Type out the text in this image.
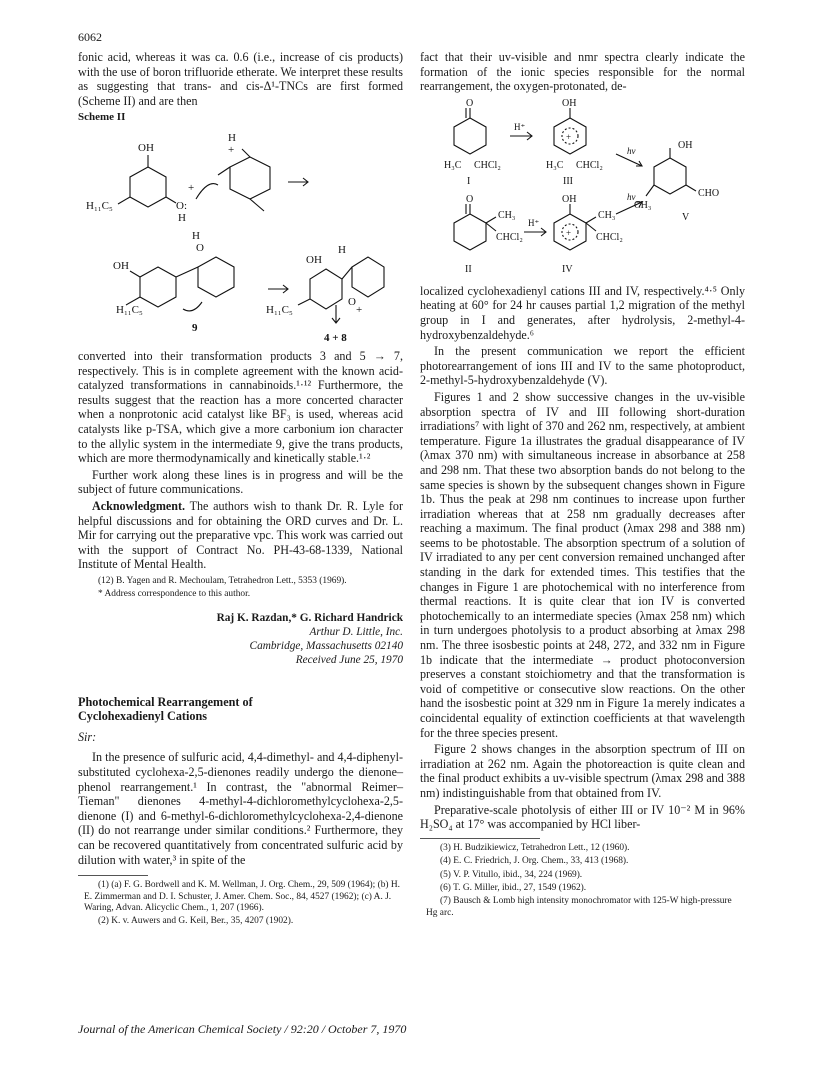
6062

fonic acid, whereas it was ca. 0.6 (i.e., increase of cis products) with the use of boron trifluoride etherate. We interpret these results as suggesting that trans- and cis-Δ¹-TNCs are first formed (Scheme II) and are then

Scheme II
OH
H
+
+
O:
H
H₁₁C₅
OH
H
O
9
OH
H
H₁₁C₅	H₁₁C₅
O
+
4 + 8

converted into their transformation products 3 and 5 → 7, respectively. This is in complete agreement with the known acid-catalyzed transformations in cannabinoids.¹·¹² Furthermore, the results suggest that the reaction has a more concerted character when a nonprotonic acid catalyst like BF₃ is used, whereas acid catalysts like p-TSA, which give a more carbonium ion character to the allylic system in the intermediate 9, give the trans products, which are more thermodynamically and kinetically stable.¹·²

Further work along these lines is in progress and will be the subject of future communications.

Acknowledgment. The authors wish to thank Dr. R. Lyle for helpful discussions and for obtaining the ORD curves and Dr. L. Mir for carrying out the preparative vpc. This work was carried out with the support of Contract No. PH-43-68-1339, National Institute of Mental Health.

(12) B. Yagen and R. Mechoulam, Tetrahedron Lett., 5353 (1969).

* Address correspondence to this author.

Raj K. Razdan,* G. Richard Handrick
Arthur D. Little, Inc.
Cambridge, Massachusetts 02140
Received June 25, 1970
Photochemical Rearrangement of
Cyclohexadienyl Cations
Sir:

In the presence of sulfuric acid, 4,4-dimethyl- and 4,4-diphenyl-substituted cyclohexa-2,5-dienones readily undergo the dienone–phenol rearrangement.¹ In contrast, the "abnormal Reimer–Tieman" dienones 4-methyl-4-dichloromethylcyclohexa-2,5-dienone (I) and 6-methyl-6-dichloromethylcyclohexa-2,4-dienone (II) do not rearrange under similar conditions.² Furthermore, they can be recovered quantitatively from concentrated sulfuric acid by dilution with water,³ in spite of the

(1) (a) F. G. Bordwell and K. M. Wellman, J. Org. Chem., 29, 509 (1964); (b) H. E. Zimmerman and D. I. Schuster, J. Amer. Chem. Soc., 84, 4527 (1962); (c) A. J. Waring, Advan. Alicyclic Chem., 1, 207 (1966).

(2) K. v. Auwers and G. Keil, Ber., 35, 4207 (1902).

fact that their uv-visible and nmr spectra clearly indicate the formation of the ionic species responsible for the normal rearrangement, the oxygen-protonated, de-

O	OH
H⁺
H₃C CHCl₂	H₃C CHCl₂
I	III
hν	OH
CHO
CH₃
V
O
CH₃
CHCl₂
H⁺
OH
CH₃
CHCl₂
hν
II	IV
+
+

localized cyclohexadienyl cations III and IV, respectively.⁴·⁵ Only heating at 60° for 24 hr causes partial 1,2 migration of the methyl group in I and generates, after hydrolysis, 2-methyl-4-hydroxybenzaldehyde.⁶

In the present communication we report the efficient photorearrangement of ions III and IV to the same photoproduct, 2-methyl-5-hydroxybenzaldehyde (V).

Figures 1 and 2 show successive changes in the uv-visible absorption spectra of IV and III following short-duration irradiations⁷ with light of 370 and 262 nm, respectively, at ambient temperature. Figure 1a illustrates the gradual disappearance of IV (λmax 370 nm) with simultaneous increase in absorbance at 258 and 298 nm. That these two absorption bands do not belong to the same species is shown by the subsequent changes shown in Figure 1b. Thus the peak at 298 nm continues to increase upon further irradiation whereas that at 258 nm gradually decreases after reaching a maximum. The final product (λmax 298 and 388 nm) seems to be photostable. The absorption spectrum of a solution of IV irradiated to any per cent conversion remained unchanged after standing in the dark for extended times. This testifies that the changes in Figure 1 are photochemical with no interference from thermal reactions. It is quite clear that ion IV is converted photochemically to an intermediate species (λmax 258 nm) which in turn undergoes photolysis to a product absorbing at λmax 298 nm. The three isosbestic points at 248, 272, and 332 nm in Figure 1b indicate that the intermediate → product photoconversion preserves a constant stoichiometry and that the transformation is void of competitive or consecutive slow reactions. On the other hand the isosbestic point at 329 nm in Figure 1a merely indicates a coincidental equality of extinction coefficients at that wavelength for the three species present.

Figure 2 shows changes in the absorption spectrum of III on irradiation at 262 nm. Again the photoreaction is quite clean and the final product exhibits a uv-visible spectrum (λmax 298 and 388 nm) indistinguishable from that obtained from IV.

Preparative-scale photolysis of either III or IV 10⁻² M in 96% H₂SO₄ at 17° was accompanied by HCl liber-

(3) H. Budzikiewicz, Tetrahedron Lett., 12 (1960).

(4) E. C. Friedrich, J. Org. Chem., 33, 413 (1968).

(5) V. P. Vitullo, ibid., 34, 224 (1969).

(6) T. G. Miller, ibid., 27, 1549 (1962).

(7) Bausch & Lomb high intensity monochromator with 125-W high-pressure Hg arc.

Journal of the American Chemical Society / 92:20 / October 7, 1970
